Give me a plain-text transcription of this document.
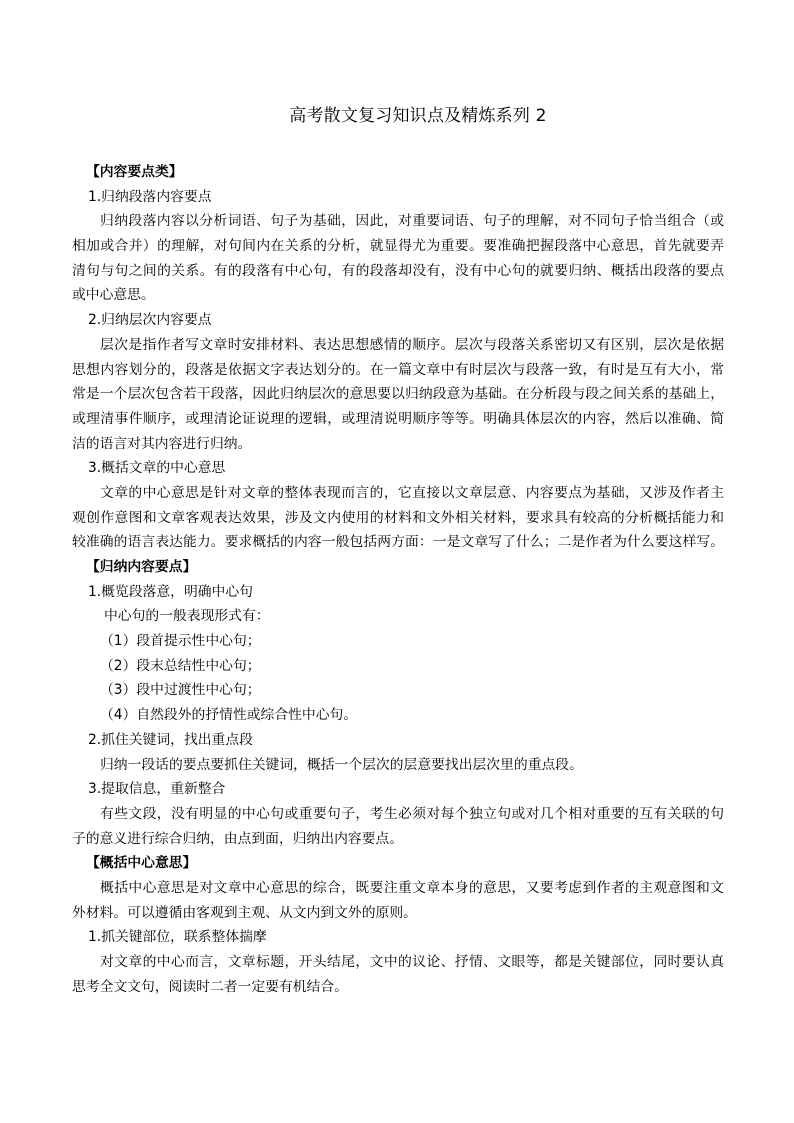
高考散文复习知识点及精炼系列 2
【内容要点类】
1.归纳段落内容要点
归纳段落内容以分析词语、句子为基础，因此，对重要词语、句子的理解，对不同句子恰当组合（或
相加或合并）的理解，对句间内在关系的分析，就显得尤为重要。要准确把握段落中心意思，首先就要弄
清句与句之间的关系。有的段落有中心句，有的段落却没有，没有中心句的就要归纳、概括出段落的要点
或中心意思。
2.归纳层次内容要点
层次是指作者写文章时安排材料、表达思想感情的顺序。层次与段落关系密切又有区别，层次是依据
思想内容划分的，段落是依据文字表达划分的。在一篇文章中有时层次与段落一致，有时是互有大小，常
常是一个层次包含若干段落，因此归纳层次的意思要以归纳段意为基础。在分析段与段之间关系的基础上，
或理清事件顺序，或理清论证说理的逻辑，或理清说明顺序等等。明确具体层次的内容，然后以准确、简
洁的语言对其内容进行归纳。
3.概括文章的中心意思
文章的中心意思是针对文章的整体表现而言的，它直接以文章层意、内容要点为基础，又涉及作者主
观创作意图和文章客观表达效果，涉及文内使用的材料和文外相关材料，要求具有较高的分析概括能力和
较准确的语言表达能力。要求概括的内容一般包括两方面：一是文章写了什么；二是作者为什么要这样写。
【归纳内容要点】
1.概览段落意，明确中心句
中心句的一般表现形式有：
（1）段首提示性中心句；
（2）段末总结性中心句；
（3）段中过渡性中心句；
（4）自然段外的抒情性或综合性中心句。
2.抓住关键词，找出重点段
归纳一段话的要点要抓住关键词，概括一个层次的层意要找出层次里的重点段。
3.提取信息，重新整合
有些文段，没有明显的中心句或重要句子，考生必须对每个独立句或对几个相对重要的互有关联的句
子的意义进行综合归纳，由点到面，归纳出内容要点。
【概括中心意思】
概括中心意思是对文章中心意思的综合，既要注重文章本身的意思，又要考虑到作者的主观意图和文
外材料。可以遵循由客观到主观、从文内到文外的原则。
1.抓关键部位，联系整体揣摩
对文章的中心而言，文章标题，开头结尾，文中的议论、抒情、文眼等，都是关键部位，同时要认真
思考全文文句，阅读时二者一定要有机结合。
